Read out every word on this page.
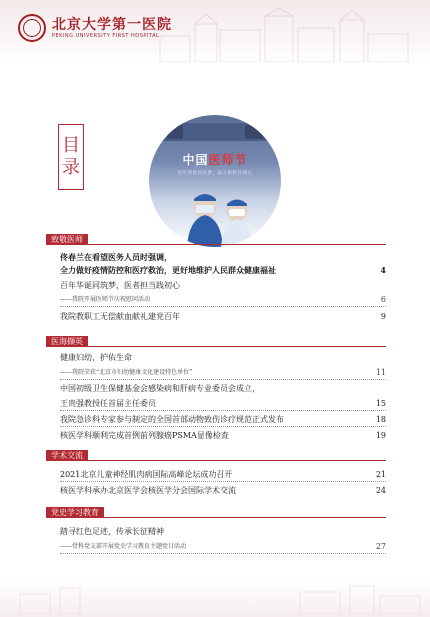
北京大学第一医院
PEKING UNIVERSITY FIRST HOSPITAL
目
录	中国医师节
百年华诞同庆梦，奋斗新时代初心
致敬医师
佟春兰在看望医务人员时强调，
全力做好疫情防控和医疗救治，更好地维护人民群众健康福祉	4
百年华诞同筑梦，医者担当践初心
——我院开展医师节庆祝慰问活动	6
我院教职工无偿献血献礼建党百年	9
医海撷英
健康妇幼，护佑生命
——我院荣获“北京市妇幼健康文化建设特色单位”	11
中国初级卫生保健基金会感染病和肝病专业委员会成立，
王贵强教授任首届主任委员	15
我院急诊科专家参与制定的全国首部动物致伤诊疗规范正式发布	18
核医学科顺利完成首例前列腺癌PSMA显像检查	19
学术交流
2021北京儿童神经肌肉病国际高峰论坛成功召开	21
核医学科承办北京医学会核医学分会国际学术交流	24
党史学习教育
踏寻红色足迹，传承长征精神
——骨科党支部开展党史学习教育主题党日活动	27
